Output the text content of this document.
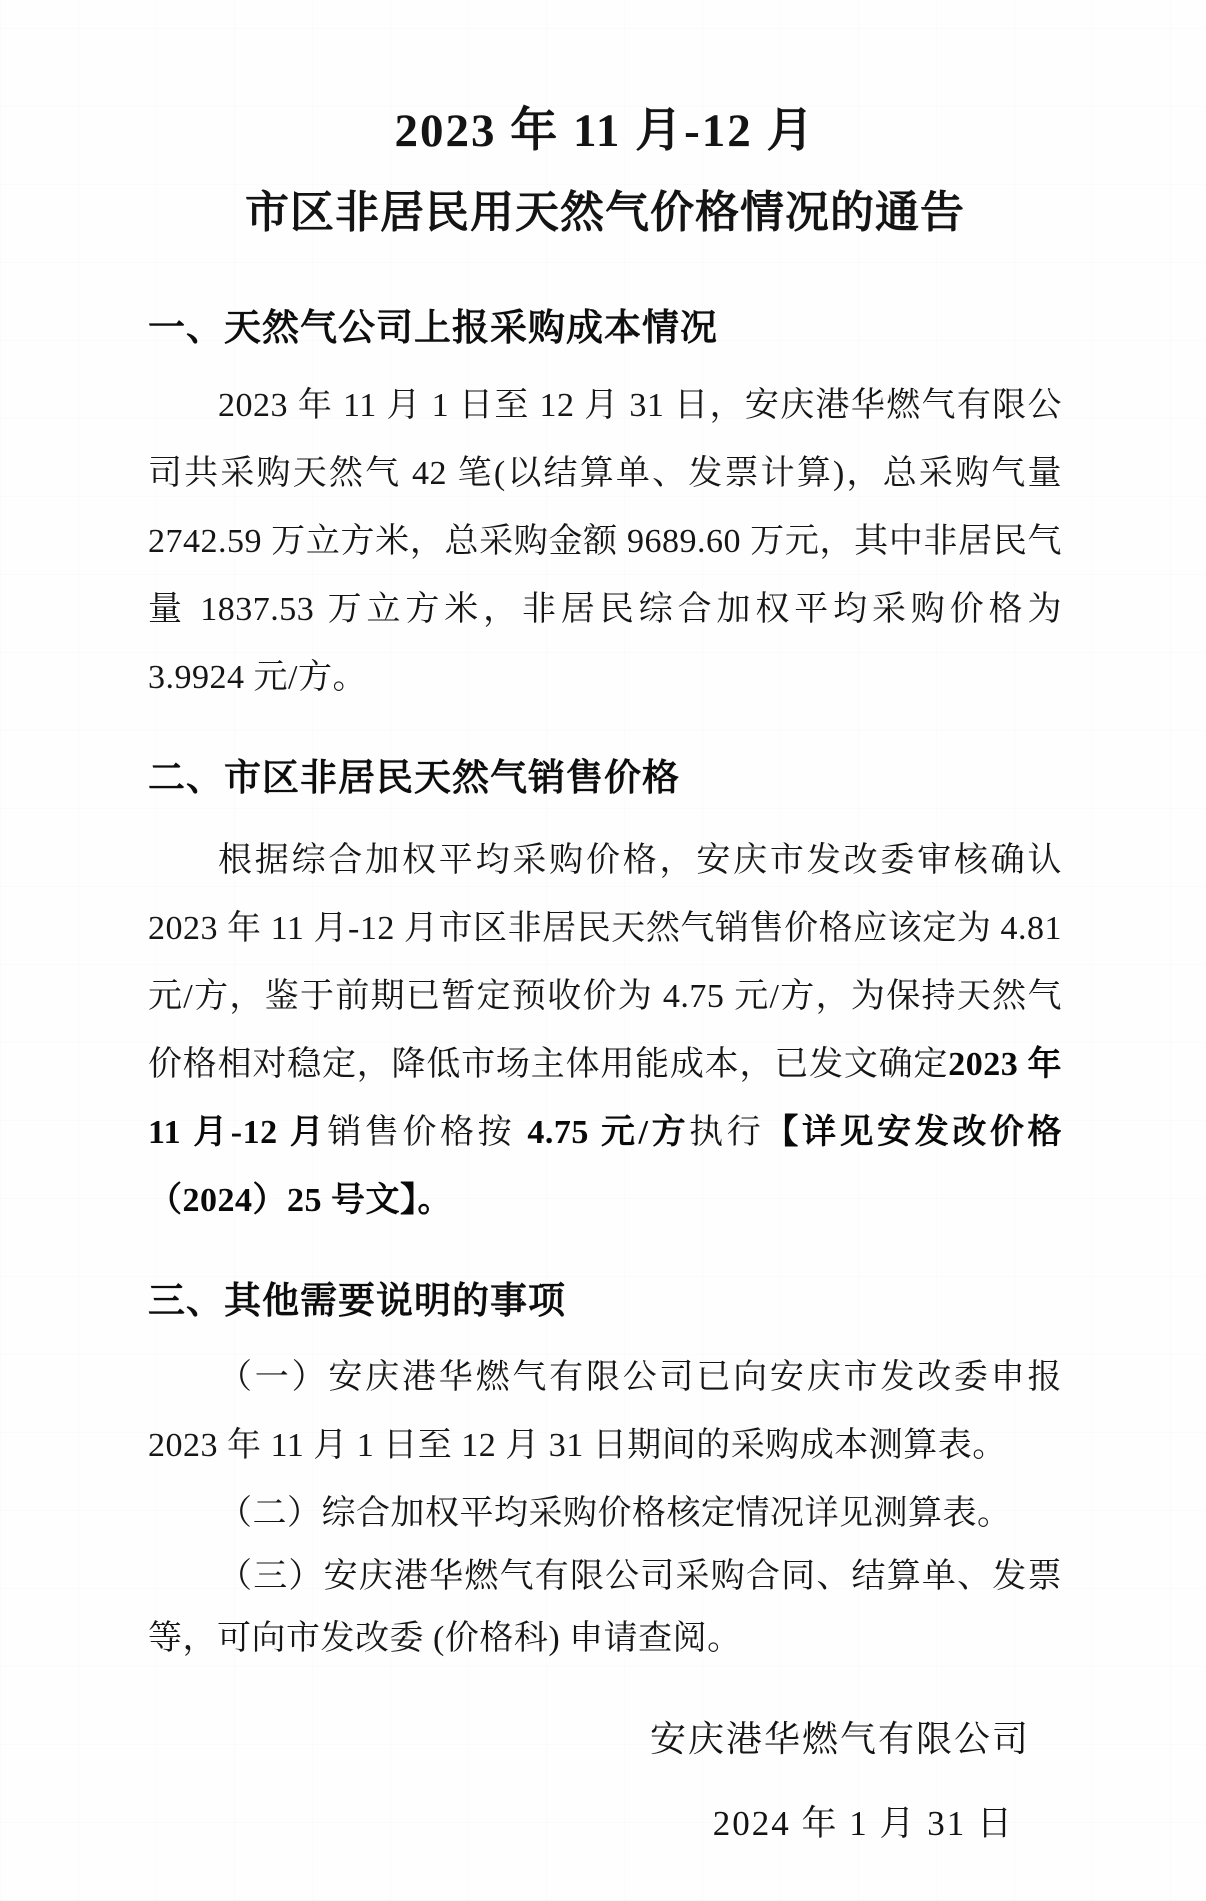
2023 年 11 月-12 月
市区非居民用天然气价格情况的通告
一、天然气公司上报采购成本情况

2023 年 11 月 1 日至 12 月 31 日，安庆港华燃气有限公司共采购天然气 42 笔(以结算单、发票计算)，总采购气量 2742.59 万立方米，总采购金额 9689.60 万元，其中非居民气量 1837.53 万立方米，非居民综合加权平均采购价格为 3.9924 元/方。

二、市区非居民天然气销售价格

根据综合加权平均采购价格，安庆市发改委审核确认 2023 年 11 月-12 月市区非居民天然气销售价格应该定为 4.81 元/方，鉴于前期已暂定预收价为 4.75 元/方，为保持天然气价格相对稳定，降低市场主体用能成本，已发文确定2023 年 11 月-12 月销售价格按 4.75 元/方执行【详见安发改价格（2024）25 号文】。

三、其他需要说明的事项

（一）安庆港华燃气有限公司已向安庆市发改委申报 2023 年 11 月 1 日至 12 月 31 日期间的采购成本测算表。

（二）综合加权平均采购价格核定情况详见测算表。

（三）安庆港华燃气有限公司采购合同、结算单、发票等，可向市发改委 (价格科) 申请查阅。

安庆港华燃气有限公司

2024 年 1 月 31 日
